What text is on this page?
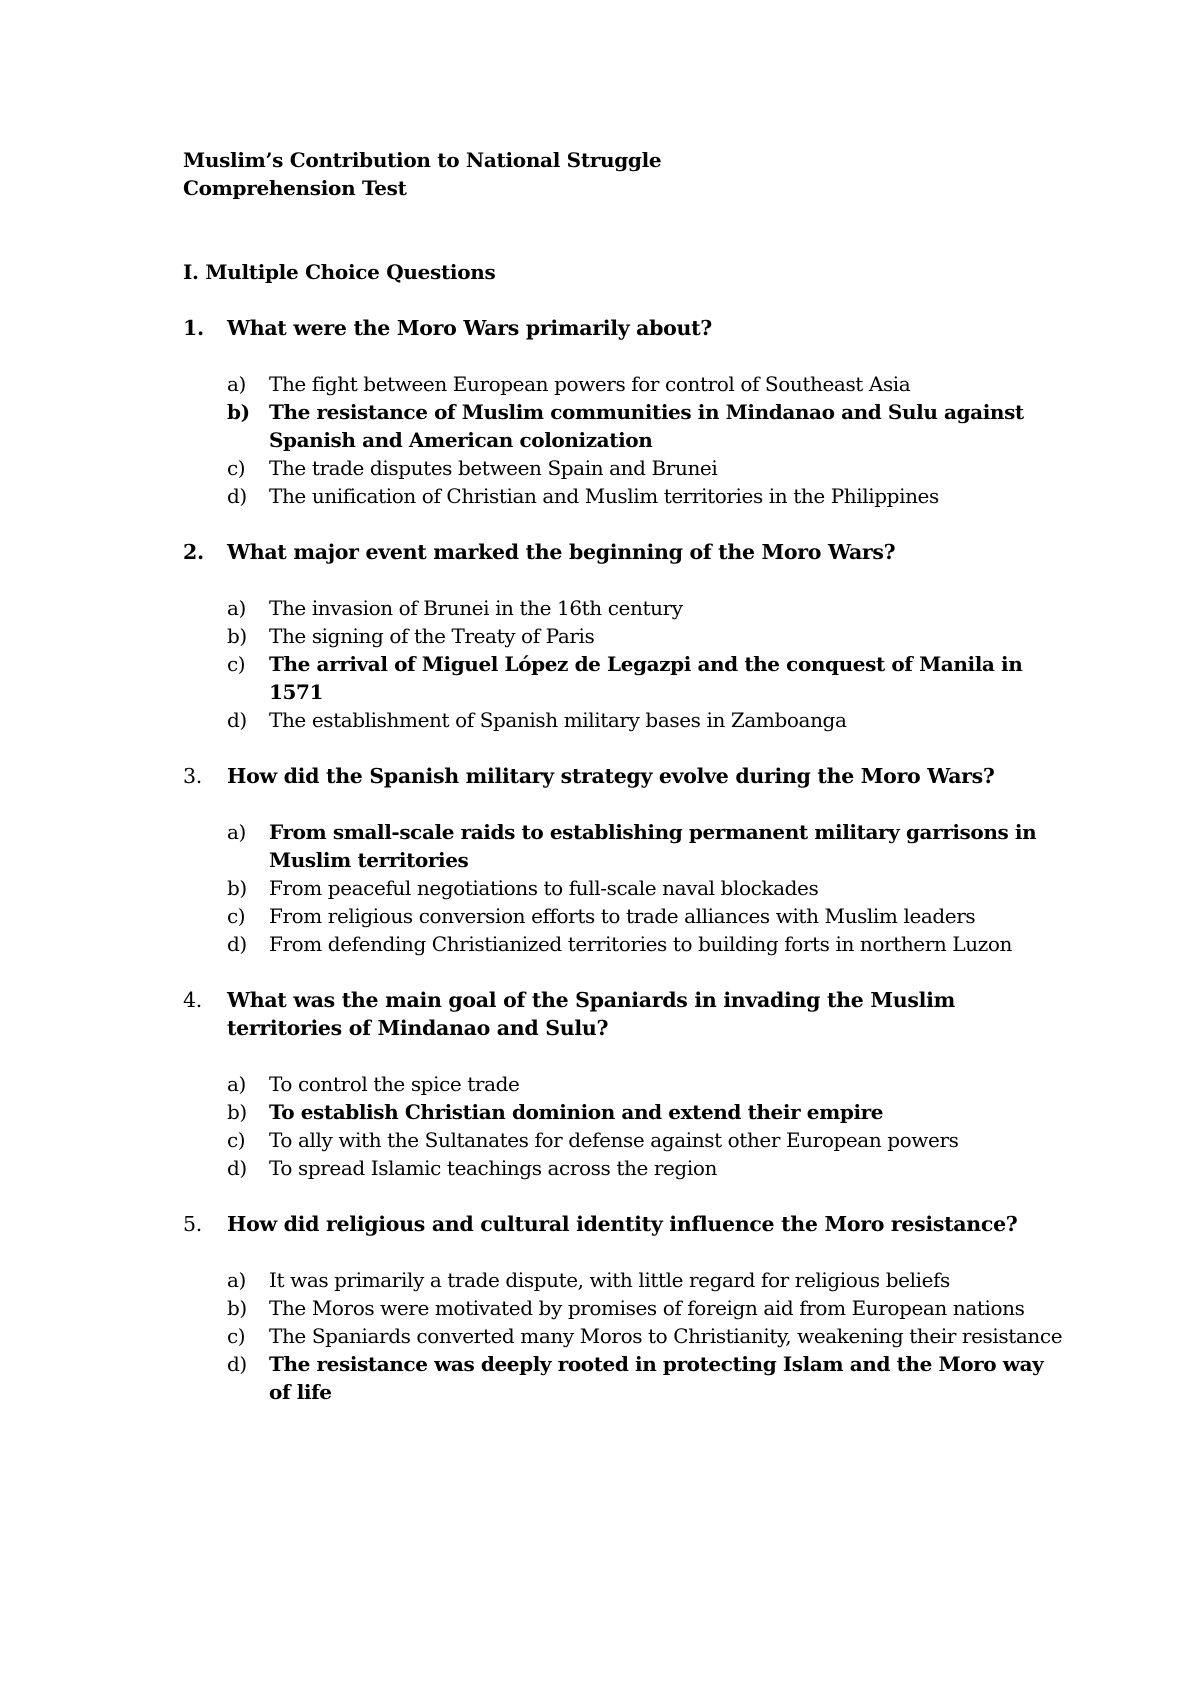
Muslim’s Contribution to National Struggle
Comprehension Test
I. Multiple Choice Questions
1.	What were the Moro Wars primarily about?
a)	The fight between European powers for control of Southeast Asia
b) The resistance of Muslim communities in Mindanao and Sulu against Spanish and American colonization
c)	The trade disputes between Spain and Brunei
d)	The unification of Christian and Muslim territories in the Philippines
2.	What major event marked the beginning of the Moro Wars?
a)	The invasion of Brunei in the 16th century
b)	The signing of the Treaty of Paris
c)	The arrival of Miguel López de Legazpi and the conquest of Manila in 1571
d)	The establishment of Spanish military bases in Zamboanga
3.	How did the Spanish military strategy evolve during the Moro Wars?
a)	From small-scale raids to establishing permanent military garrisons in Muslim territories
b)	From peaceful negotiations to full-scale naval blockades
c)	From religious conversion efforts to trade alliances with Muslim leaders
d)	From defending Christianized territories to building forts in northern Luzon
4.	What was the main goal of the Spaniards in invading the Muslim territories of Mindanao and Sulu?
a)	To control the spice trade
b)	To establish Christian dominion and extend their empire
c)	To ally with the Sultanates for defense against other European powers
d)	To spread Islamic teachings across the region
5.	How did religious and cultural identity influence the Moro resistance?
a)	It was primarily a trade dispute, with little regard for religious beliefs
b)	The Moros were motivated by promises of foreign aid from European nations
c)	The Spaniards converted many Moros to Christianity, weakening their resistance
d)	The resistance was deeply rooted in protecting Islam and the Moro way of life
